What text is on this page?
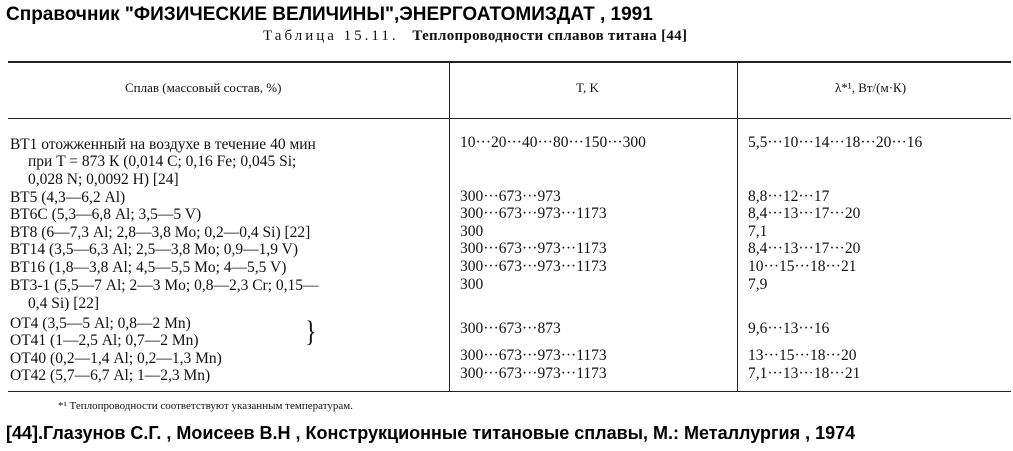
Справочник "ФИЗИЧЕСКИЕ ВЕЛИЧИНЫ",ЭНЕРГОАТОМИЗДАТ , 1991
Таблица 15.11. Теплопроводности сплавов титана [44]
Сплав (массовый состав, %)	T, K	λ*¹, Вт/(м·К)
ВТ1 отожженный на воздухе в течение 40 мин
при T = 873 К (0,014 С; 0,16 Fe; 0,045 Si;
0,028 N; 0,0092 Н) [24]
ВТ5 (4,3—6,2 Al)
ВТ6С (5,3—6,8 Al; 3,5—5 V)
ВТ8 (6—7,3 Al; 2,8—3,8 Mo; 0,2—0,4 Si) [22]
ВТ14 (3,5—6,3 Al; 2,5—3,8 Mo; 0,9—1,9 V)
ВТ16 (1,8—3,8 Al; 4,5—5,5 Mo; 4—5,5 V)
ВТ3-1 (5,5—7 Al; 2—3 Mo; 0,8—2,3 Cr; 0,15—
0,4 Si) [22]
ОТ4 (3,5—5 Al; 0,8—2 Mn)
ОТ41 (1—2,5 Al; 0,7—2 Mn)
ОТ40 (0,2—1,4 Al; 0,2—1,3 Mn)
ОТ42 (5,7—6,7 Al; 1—2,3 Mn)
}
10···20···40···80···150···300
300···673···973
300···673···973···1173
300
300···673···973···1173
300···673···973···1173
300
300···673···873
300···673···973···1173
300···673···973···1173
5,5···10···14···18···20···16
8,8···12···17
8,4···13···17···20
7,1
8,4···13···17···20
10···15···18···21
7,9
9,6···13···16
13···15···18···20
7,1···13···18···21
*¹ Теплопроводности соответствуют указанным температурам.
[44].Глазунов С.Г. , Моисеев В.Н , Конструкционные титановые сплавы, М.: Металлургия , 1974
